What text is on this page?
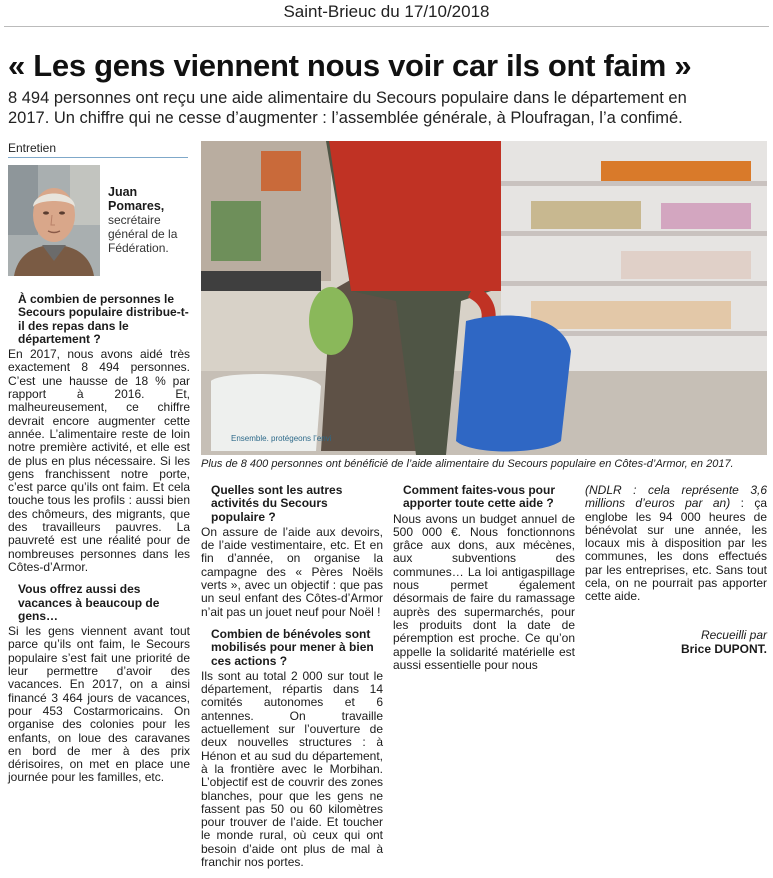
Saint-Brieuc du 17/10/2018
« Les gens viennent nous voir car ils ont faim »
8 494 personnes ont reçu une aide alimentaire du Secours populaire dans le département en 2017. Un chiffre qui ne cesse d’augmenter : l’assemblée générale, à Ploufragan, l’a confimé.
Entretien
Juan Pomares,
secrétaire général de la Fédération.
Ensemble. protégeons l’envi
Plus de 8 400 personnes ont bénéficié de l’aide alimentaire du Secours populaire en Côtes-d’Armor, en 2017.
À combien de personnes le Secours populaire distribue-t-il des repas dans le département ?

En 2017, nous avons aidé très exactement 8 494 personnes. C’est une hausse de 18 % par rapport à 2016. Et, malheureusement, ce chiffre devrait encore augmenter cette année. L’alimentaire reste de loin notre première activité, et elle est de plus en plus nécessaire. Si les gens franchissent notre porte, c’est parce qu’ils ont faim. Et cela touche tous les profils : aussi bien des chômeurs, des migrants, que des travailleurs pauvres. La pauvreté est une réalité pour de nombreuses personnes dans les Côtes-d’Armor.

Vous offrez aussi des vacances à beaucoup de gens…

Si les gens viennent avant tout parce qu’ils ont faim, le Secours populaire s’est fait une priorité de leur permettre d’avoir des vacances. En 2017, on a ainsi financé 3 464 jours de vacances, pour 453 Costarmoricains. On organise des colonies pour les enfants, on loue des caravanes en bord de mer à des prix dérisoires, on met en place une journée pour les familles, etc.

Quelles sont les autres activités du Secours populaire ?

On assure de l’aide aux devoirs, de l’aide vestimentaire, etc. Et en fin d’année, on organise la campagne des « Pères Noëls verts », avec un objectif : que pas un seul enfant des Côtes-d’Armor n’ait pas un jouet neuf pour Noël !

Combien de bénévoles sont mobilisés pour mener à bien ces actions ?

Ils sont au total 2 000 sur tout le département, répartis dans 14 comités autonomes et 6 antennes. On travaille actuellement sur l’ouverture de deux nouvelles structures : à Hénon et au sud du département, à la frontière avec le Morbihan. L’objectif est de couvrir des zones blanches, pour que les gens ne fassent pas 50 ou 60 kilomètres pour trouver de l’aide. Et toucher le monde rural, où ceux qui ont besoin d’aide ont plus de mal à franchir nos portes.

Comment faites-vous pour apporter toute cette aide ?

Nous avons un budget annuel de 500 000 €. Nous fonctionnons grâce aux dons, aux mécènes, aux subventions des communes… La loi antigaspillage nous permet également désormais de faire du ramassage auprès des supermarchés, pour les produits dont la date de péremption est proche. Ce qu’on appelle la solidarité matérielle est aussi essentielle pour nous

(NDLR : cela représente 3,6 millions d’euros par an) : ça englobe les 94 000 heures de bénévolat sur une année, les locaux mis à disposition par les communes, les dons effectués par les entreprises, etc. Sans tout cela, on ne pourrait pas apporter cette aide.

Recueilli par
Brice DUPONT.
